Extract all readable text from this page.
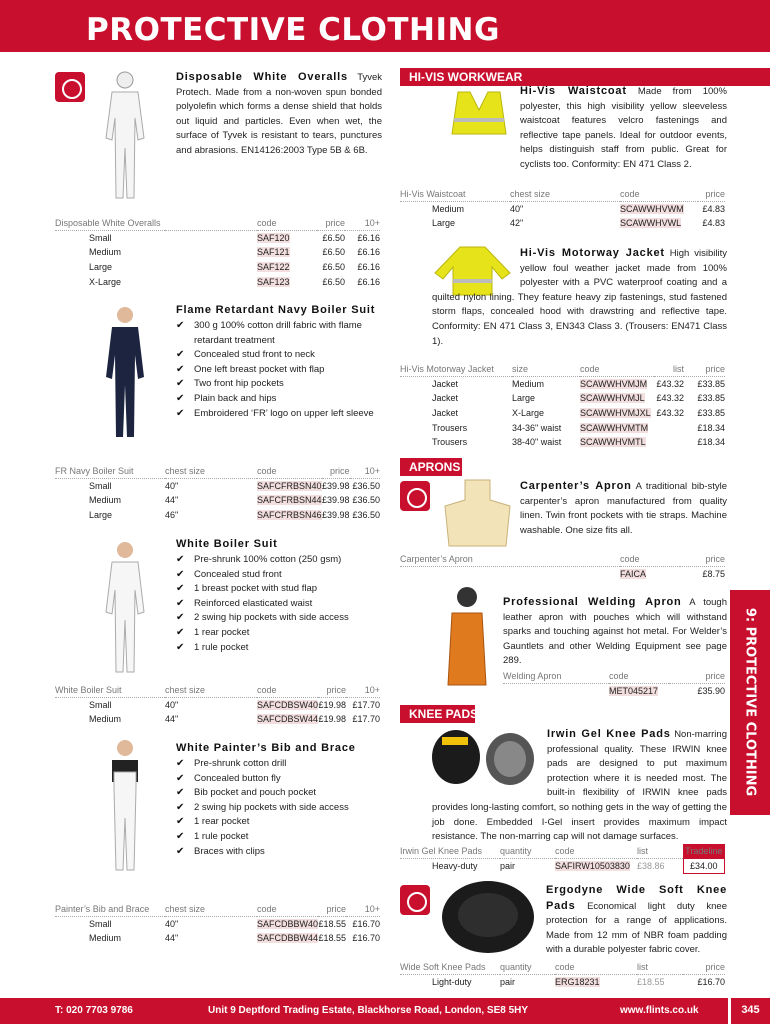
PROTECTIVE CLOTHING
Disposable White Overalls Tyvek Protech. Made from a non-woven spun bonded polyolefin which forms a dense shield that holds out liquid and particles. Even when wet, the surface of Tyvek is resistant to tears, punctures and abrasions. EN14126:2003 Type 5B & 6B.
Disposable White Overalls		code	price	10+
Small		SAF120	£6.50	£6.16
Medium		SAF121	£6.50	£6.16
Large		SAF122	£6.50	£6.16
X-Large		SAF123	£6.50	£6.16
Flame Retardant Navy Boiler Suit
✔ 300 g 100% cotton drill fabric with flame retardant treatment
✔ Concealed stud front to neck
✔ One left breast pocket with flap
✔ Two front hip pockets
✔ Plain back and hips
✔ Embroidered ‘FR’ logo on upper left sleeve
FR Navy Boiler Suit	chest size	code	price	10+
Small	40"	SAFCFRBSN40	£39.98	£36.50
Medium	44"	SAFCFRBSN44	£39.98	£36.50
Large	46"	SAFCFRBSN46	£39.98	£36.50
White Boiler Suit
✔ Pre-shrunk 100% cotton (250 gsm)
✔ Concealed stud front
✔ 1 breast pocket with stud flap
✔ Reinforced elasticated waist
✔ 2 swing hip pockets with side access
✔ 1 rear pocket
✔ 1 rule pocket
White Boiler Suit	chest size	code	price	10+
Small	40"	SAFCDBSW40	£19.98	£17.70
Medium	44"	SAFCDBSW44	£19.98	£17.70
White Painter’s Bib and Brace
✔ Pre-shrunk cotton drill
✔ Concealed button fly
✔ Bib pocket and pouch pocket
✔ 2 swing hip pockets with side access
✔ 1 rear pocket
✔ 1 rule pocket
✔ Braces with clips
Painter’s Bib and Brace	chest size	code	price	10+
Small	40"	SAFCDBBW40	£18.55	£16.70
Medium	44"	SAFCDBBW44	£18.55	£16.70
HI-VIS WORKWEAR
Hi-Vis Waistcoat Made from 100% polyester, this high visibility yellow sleeveless waistcoat features velcro fastenings and reflective tape panels. Ideal for outdoor events, helps distinguish staff from public. Great for cyclists too. Conformity: EN 471 Class 2.
Hi-Vis Waistcoat	chest size	code	price
Medium	40"	SCAWWHVWM	£4.83
Large	42"	SCAWWHVWL	£4.83
Hi-Vis Motorway Jacket High visibility yellow foul weather jacket made from 100% polyester with a PVC waterproof coating and a quilted nylon lining. They feature heavy zip fastenings, stud fastened storm flaps, concealed hood with drawstring and reflective tape. Conformity: EN 471 Class 3, EN343 Class 3. (Trousers: EN471 Class 1).
Hi-Vis Motorway Jacket	size	code	list	price
Jacket	Medium	SCAWWHVMJM	£43.32	£33.85
Jacket	Large	SCAWWHVMJL	£43.32	£33.85
Jacket	X-Large	SCAWWHVMJXL	£43.32	£33.85
Trousers	34-36" waist	SCAWWHVMTM		£18.34
Trousers	38-40" waist	SCAWWHVMTL		£18.34
APRONS
Carpenter’s Apron A traditional bib-style carpenter’s apron manufactured from quality linen. Twin front pockets with tie straps. Machine washable. One size fits all.
Carpenter’s Apron	code	price
	FAICA	£8.75
Professional Welding Apron A tough leather apron with pouches which will withstand sparks and touching against hot metal. For Welder’s Gauntlets and other Welding Equipment see page 289.
Welding Apron	code	price
	MET045217	£35.90
KNEE PADS
Irwin Gel Knee Pads Non-marring professional quality. These IRWIN knee pads are designed to put maximum protection where it is needed most. The built-in flexibility of IRWIN knee pads provides long-lasting comfort, so nothing gets in the way of getting the job done. Embedded I-Gel insert provides maximum impact resistance. The non-marring cap will not damage surfaces.
Irwin Gel Knee Pads	quantity	code	list	Tradeline
Heavy-duty	pair	SAFIRW10503830	£38.86	£34.00
Ergodyne Wide Soft Knee Pads Economical light duty knee protection for a range of applications. Made from 12 mm of NBR foam padding with a durable polyester fabric cover.
Wide Soft Knee Pads	quantity	code	list	price
Light-duty	pair	ERG18231	£18.55	£16.70
9: PROTECTIVE CLOTHING
T: 020 7703 9786	Unit 9 Deptford Trading Estate, Blackhorse Road, London, SE8 5HY	www.flints.co.uk	345
